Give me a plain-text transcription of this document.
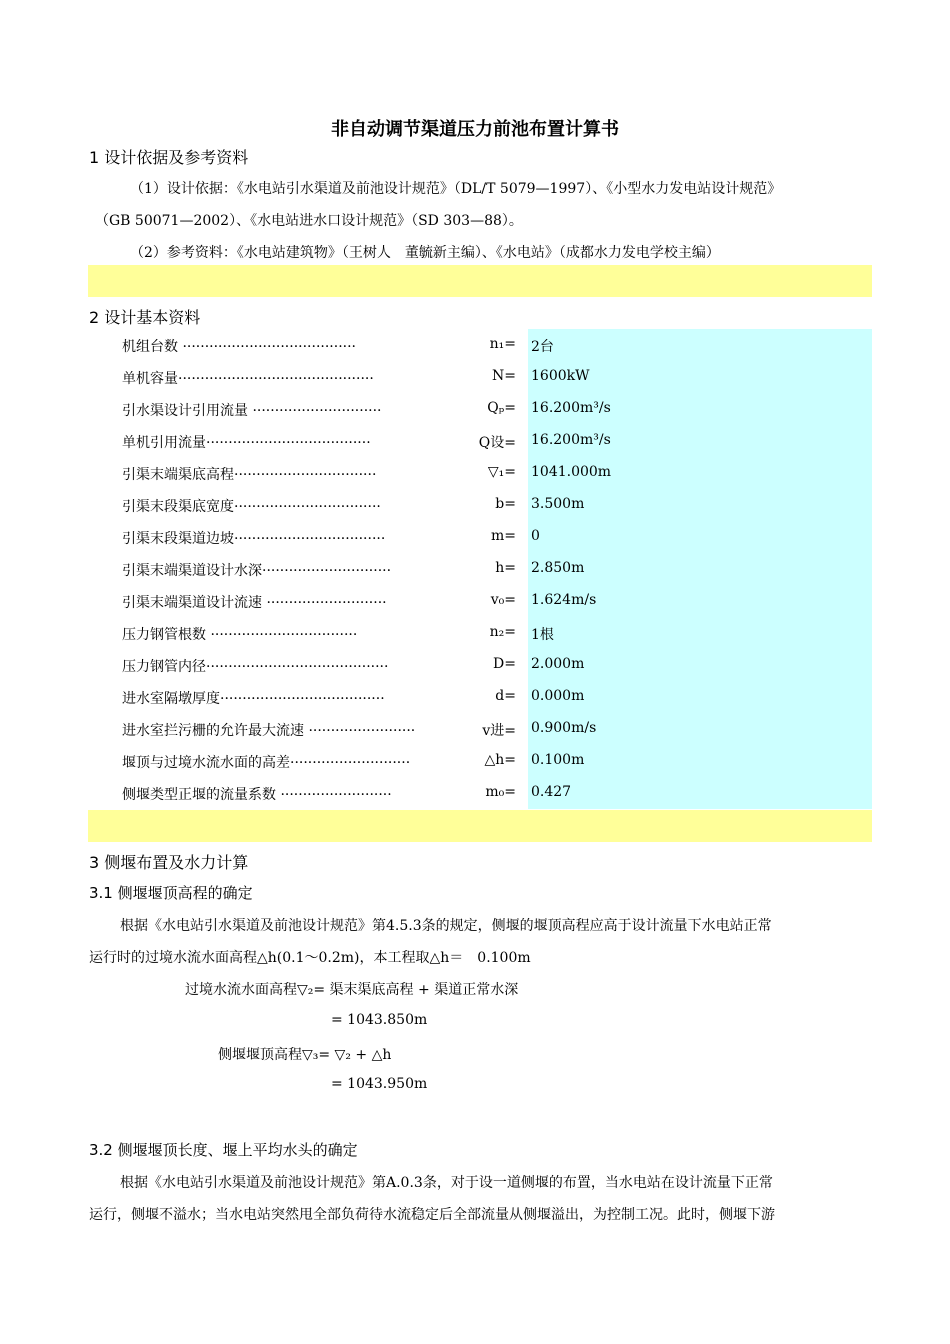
非自动调节渠道压力前池布置计算书
1 设计依据及参考资料
（1）设计依据：《水电站引水渠道及前池设计规范》（DL/T 5079—1997）、《小型水力发电站设计规范》
（GB 50071—2002）、《水电站进水口设计规范》（SD 303—88）。
（2）参考资料：《水电站建筑物》（王树人　董毓新主编）、《水电站》（成都水力发电学校主编）
2 设计基本资料
机组台数 ·······································	n₁= 2台
单机容量············································	N= 1600kW
引水渠设计引用流量 ·····························	Qₚ= 16.200m³/s
单机引用流量·····································	Q设= 16.200m³/s
引渠末端渠底高程································	▽₁= 1041.000m
引渠末段渠底宽度·································	b= 3.500m
引渠末段渠道边坡··································	m= 0
引渠末端渠道设计水深·····························	h= 2.850m
引渠末端渠道设计流速 ···························	v₀= 1.624m/s
压力钢管根数 ·································	n₂= 1根
压力钢管内径·········································	D= 2.000m
进水室隔墩厚度·····································	d= 0.000m
进水室拦污栅的允许最大流速 ························	v进= 0.900m/s
堰顶与过境水流水面的高差···························	△h= 0.100m
侧堰类型正堰的流量系数 ·························	m₀= 0.427
3 侧堰布置及水力计算
3.1 侧堰堰顶高程的确定
根据《水电站引水渠道及前池设计规范》第4.5.3条的规定，侧堰的堰顶高程应高于设计流量下水电站正常
运行时的过境水流水面高程△h(0.1～0.2m)，本工程取△h＝　0.100m
过境水流水面高程▽₂= 渠末渠底高程 + 渠道正常水深
= 1043.850m
侧堰堰顶高程▽₃= ▽₂ + △h
= 1043.950m
3.2 侧堰堰顶长度、堰上平均水头的确定
根据《水电站引水渠道及前池设计规范》第A.0.3条，对于设一道侧堰的布置，当水电站在设计流量下正常
运行，侧堰不溢水；当水电站突然甩全部负荷待水流稳定后全部流量从侧堰溢出，为控制工况。此时，侧堰下游
